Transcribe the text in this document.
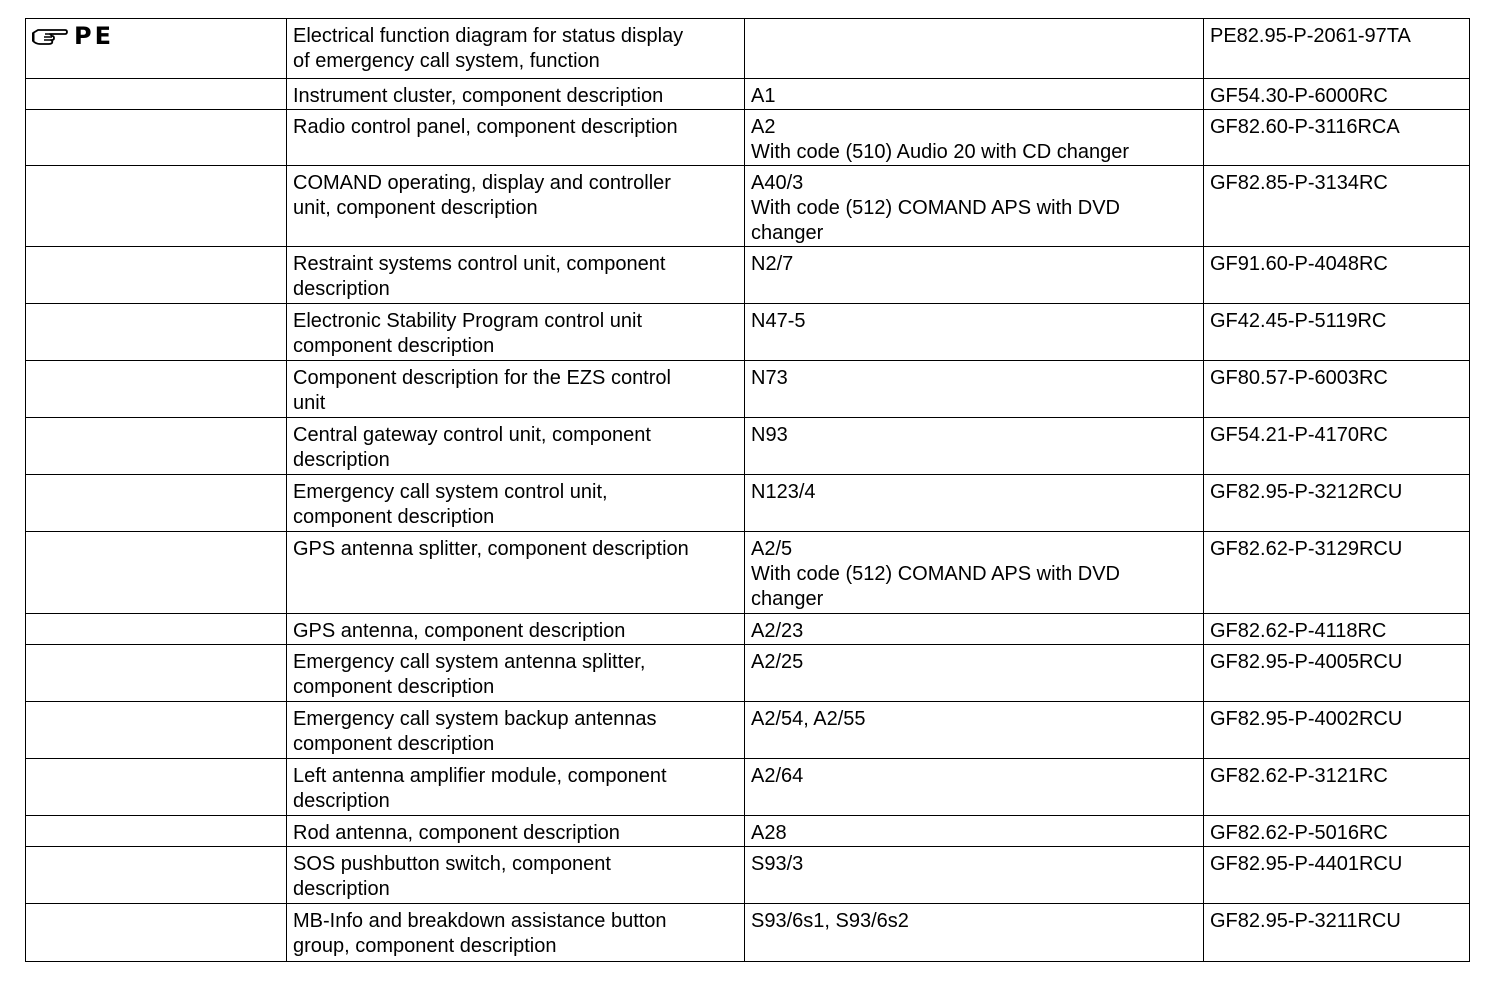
PE	Electrical function diagram for status display
of emergency call system, function		PE82.95-P-2061-97TA

	Instrument cluster, component description	A1	GF54.30-P-6000RC

	Radio control panel, component description	A2
With code (510) Audio 20 with CD changer	GF82.60-P-3116RCA

	COMAND operating, display and controller
unit, component description	A40/3
With code (512) COMAND APS with DVD
changer	GF82.85-P-3134RC

	Restraint systems control unit, component
description	N2/7	GF91.60-P-4048RC

	Electronic Stability Program control unit
component description	N47-5	GF42.45-P-5119RC

	Component description for the EZS control
unit	N73	GF80.57-P-6003RC

	Central gateway control unit, component
description	N93	GF54.21-P-4170RC

	Emergency call system control unit,
component description	N123/4	GF82.95-P-3212RCU

	GPS antenna splitter, component description	A2/5
With code (512) COMAND APS with DVD
changer	GF82.62-P-3129RCU

	GPS antenna, component description	A2/23	GF82.62-P-4118RC

	Emergency call system antenna splitter,
component description	A2/25	GF82.95-P-4005RCU

	Emergency call system backup antennas
component description	A2/54, A2/55	GF82.95-P-4002RCU

	Left antenna amplifier module, component
description	A2/64	GF82.62-P-3121RC

	Rod antenna, component description	A28	GF82.62-P-5016RC

	SOS pushbutton switch, component
description	S93/3	GF82.95-P-4401RCU

	MB-Info and breakdown assistance button
group, component description	S93/6s1, S93/6s2	GF82.95-P-3211RCU
